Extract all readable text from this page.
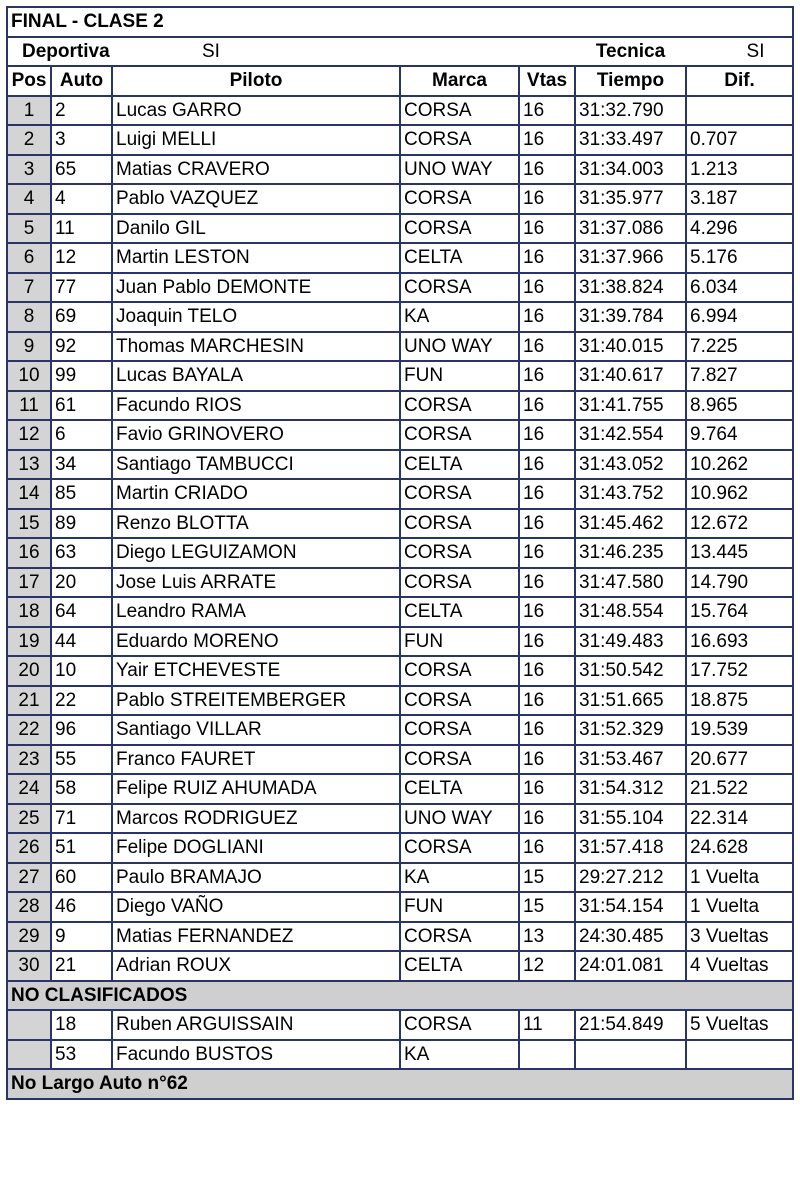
FINAL - CLASE 2						
Deportiva		SI			Tecnica	SI
Pos	Auto	Piloto	Marca	Vtas	Tiempo	Dif.
1	2	Lucas GARRO	CORSA	16	31:32.790	
2	3	Luigi MELLI	CORSA	16	31:33.497	0.707
3	65	Matias CRAVERO	UNO WAY	16	31:34.003	1.213
4	4	Pablo VAZQUEZ	CORSA	16	31:35.977	3.187
5	11	Danilo GIL	CORSA	16	31:37.086	4.296
6	12	Martin LESTON	CELTA	16	31:37.966	5.176
7	77	Juan Pablo DEMONTE	CORSA	16	31:38.824	6.034
8	69	Joaquin TELO	KA	16	31:39.784	6.994
9	92	Thomas MARCHESIN	UNO WAY	16	31:40.015	7.225
10	99	Lucas BAYALA	FUN	16	31:40.617	7.827
11	61	Facundo RIOS	CORSA	16	31:41.755	8.965
12	6	Favio GRINOVERO	CORSA	16	31:42.554	9.764
13	34	Santiago TAMBUCCI	CELTA	16	31:43.052	10.262
14	85	Martin CRIADO	CORSA	16	31:43.752	10.962
15	89	Renzo BLOTTA	CORSA	16	31:45.462	12.672
16	63	Diego LEGUIZAMON	CORSA	16	31:46.235	13.445
17	20	Jose Luis ARRATE	CORSA	16	31:47.580	14.790
18	64	Leandro RAMA	CELTA	16	31:48.554	15.764
19	44	Eduardo MORENO	FUN	16	31:49.483	16.693
20	10	Yair ETCHEVESTE	CORSA	16	31:50.542	17.752
21	22	Pablo STREITEMBERGER	CORSA	16	31:51.665	18.875
22	96	Santiago VILLAR	CORSA	16	31:52.329	19.539
23	55	Franco FAURET	CORSA	16	31:53.467	20.677
24	58	Felipe RUIZ AHUMADA	CELTA	16	31:54.312	21.522
25	71	Marcos RODRIGUEZ	UNO WAY	16	31:55.104	22.314
26	51	Felipe DOGLIANI	CORSA	16	31:57.418	24.628
27	60	Paulo BRAMAJO	KA	15	29:27.212	1 Vuelta
28	46	Diego VAÑO	FUN	15	31:54.154	1 Vuelta
29	9	Matias FERNANDEZ	CORSA	13	24:30.485	3 Vueltas
30	21	Adrian ROUX	CELTA	12	24:01.081	4 Vueltas
NO CLASIFICADOS						
	18	Ruben ARGUISSAIN	CORSA	11	21:54.849	5 Vueltas
	53	Facundo BUSTOS	KA			
No Largo Auto n°62						
